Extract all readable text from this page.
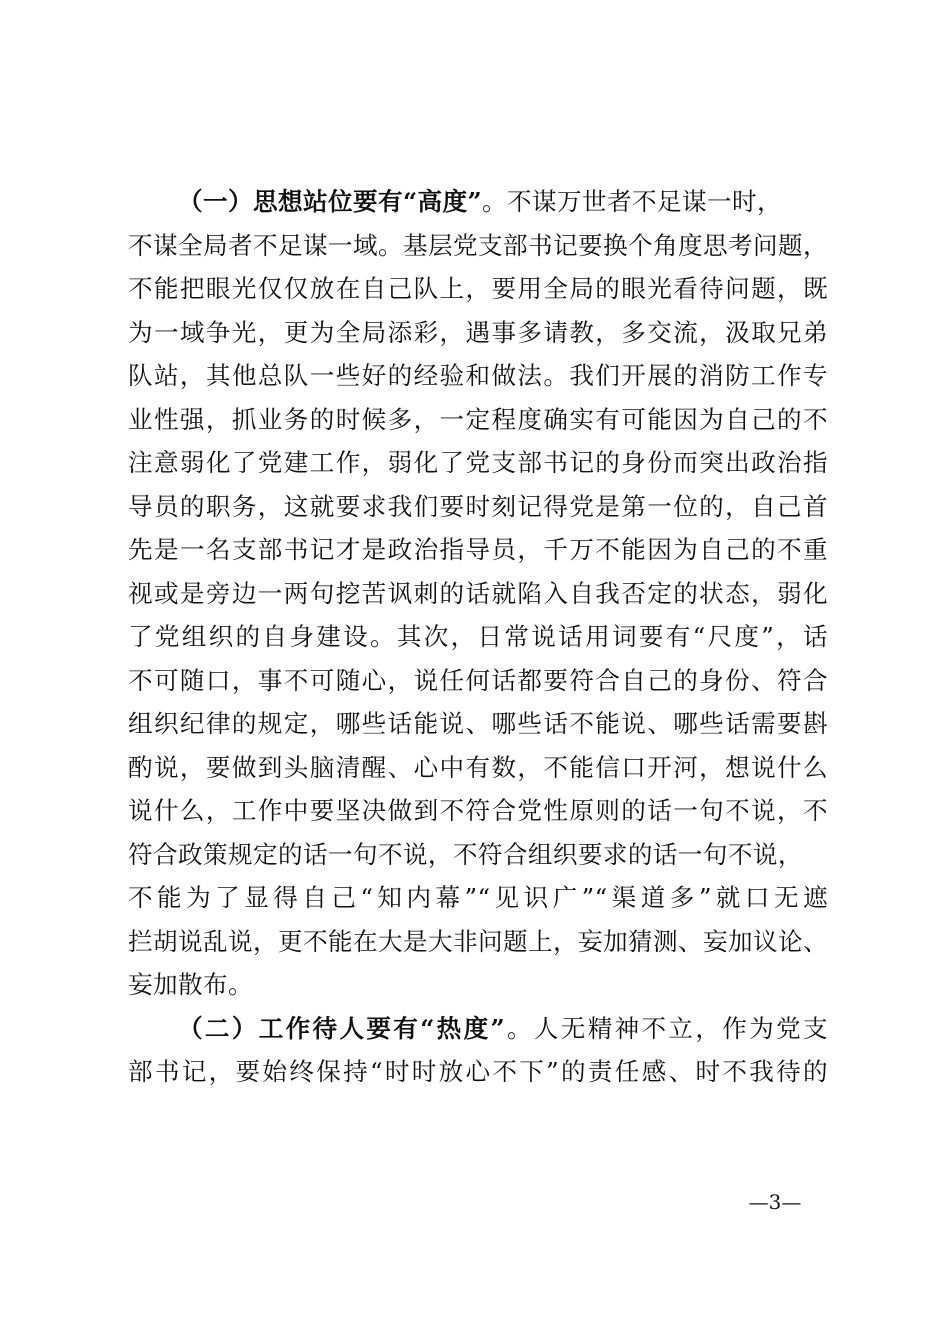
（一）思想站位要有“高度”。不谋万世者不足谋一时，
不谋全局者不足谋一域。基层党支部书记要换个角度思考问题，
不能把眼光仅仅放在自己队上，要用全局的眼光看待问题，既
为一域争光，更为全局添彩，遇事多请教，多交流，汲取兄弟
队站，其他总队一些好的经验和做法。我们开展的消防工作专
业性强，抓业务的时候多，一定程度确实有可能因为自己的不
注意弱化了党建工作，弱化了党支部书记的身份而突出政治指
导员的职务，这就要求我们要时刻记得党是第一位的，自己首
先是一名支部书记才是政治指导员，千万不能因为自己的不重
视或是旁边一两句挖苦讽刺的话就陷入自我否定的状态，弱化
了党组织的自身建设。其次，日常说话用词要有“尺度”，话
不可随口，事不可随心，说任何话都要符合自己的身份、符合
组织纪律的规定，哪些话能说、哪些话不能说、哪些话需要斟
酌说，要做到头脑清醒、心中有数，不能信口开河，想说什么
说什么，工作中要坚决做到不符合党性原则的话一句不说，不
符合政策规定的话一句不说，不符合组织要求的话一句不说，
不能为了显得自己“知内幕”“见识广”“渠道多”就口无遮
拦胡说乱说，更不能在大是大非问题上，妄加猜测、妄加议论、
妄加散布。
（二）工作待人要有“热度”。人无精神不立，作为党支
部书记，要始终保持“时时放心不下”的责任感、时不我待的
—3—
